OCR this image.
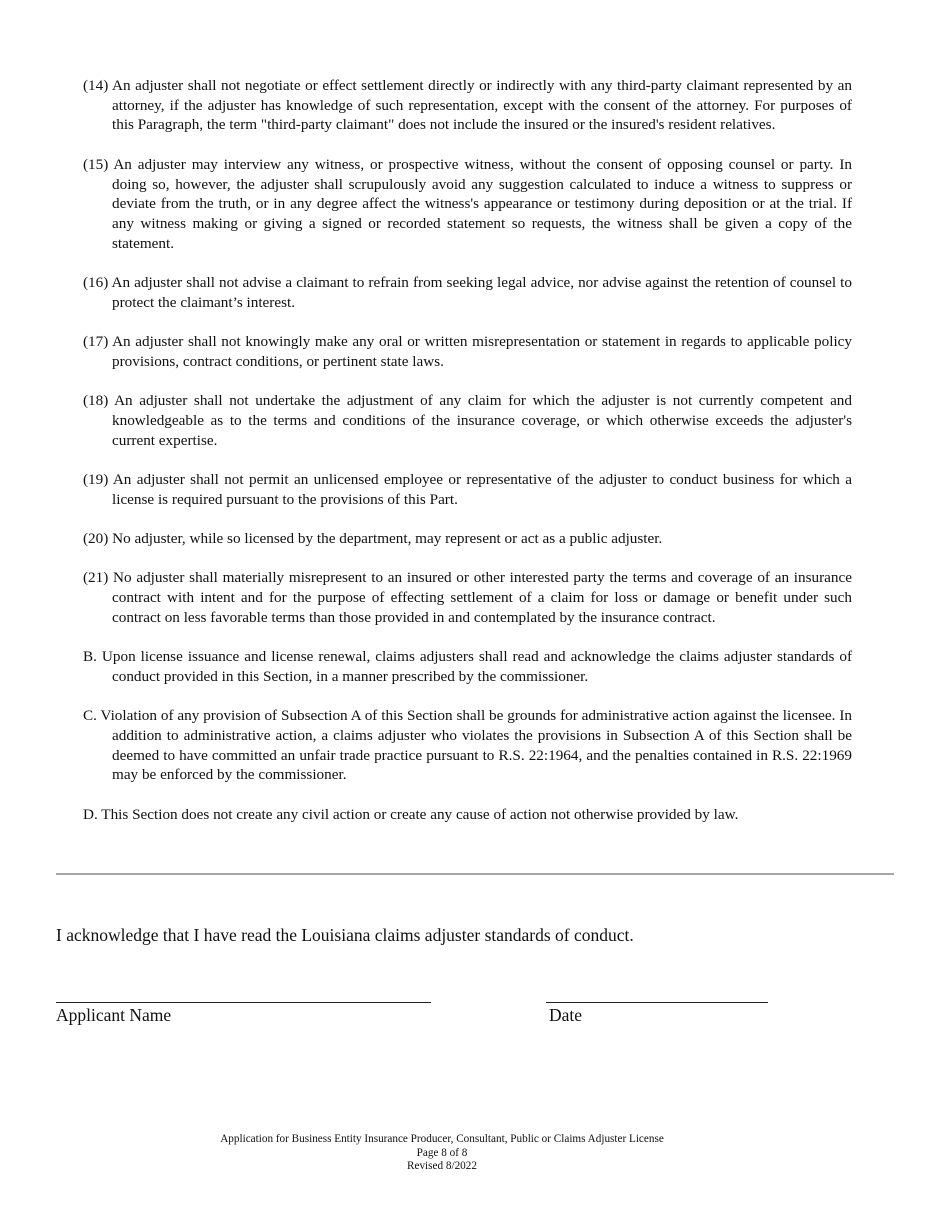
(14) An adjuster shall not negotiate or effect settlement directly or indirectly with any third-party claimant represented by an attorney, if the adjuster has knowledge of such representation, except with the consent of the attorney. For purposes of this Paragraph, the term "third-party claimant" does not include the insured or the insured's resident relatives.

(15) An adjuster may interview any witness, or prospective witness, without the consent of opposing counsel or party. In doing so, however, the adjuster shall scrupulously avoid any suggestion calculated to induce a witness to suppress or deviate from the truth, or in any degree affect the witness's appearance or testimony during deposition or at the trial. If any witness making or giving a signed or recorded statement so requests, the witness shall be given a copy of the statement.

(16) An adjuster shall not advise a claimant to refrain from seeking legal advice, nor advise against the retention of counsel to protect the claimant’s interest.

(17) An adjuster shall not knowingly make any oral or written misrepresentation or statement in regards to applicable policy provisions, contract conditions, or pertinent state laws.

(18) An adjuster shall not undertake the adjustment of any claim for which the adjuster is not currently competent and knowledgeable as to the terms and conditions of the insurance coverage, or which otherwise exceeds the adjuster's current expertise.

(19) An adjuster shall not permit an unlicensed employee or representative of the adjuster to conduct business for which a license is required pursuant to the provisions of this Part.

(20) No adjuster, while so licensed by the department, may represent or act as a public adjuster.

(21) No adjuster shall materially misrepresent to an insured or other interested party the terms and coverage of an insurance contract with intent and for the purpose of effecting settlement of a claim for loss or damage or benefit under such contract on less favorable terms than those provided in and contemplated by the insurance contract.

B. Upon license issuance and license renewal, claims adjusters shall read and acknowledge the claims adjuster standards of conduct provided in this Section, in a manner prescribed by the commissioner.

C. Violation of any provision of Subsection A of this Section shall be grounds for administrative action against the licensee. In addition to administrative action, a claims adjuster who violates the provisions in Subsection A of this Section shall be deemed to have committed an unfair trade practice pursuant to R.S. 22:1964, and the penalties contained in R.S. 22:1969 may be enforced by the commissioner.

D. This Section does not create any civil action or create any cause of action not otherwise provided by law.

I acknowledge that I have read the Louisiana claims adjuster standards of conduct.
Applicant Name	Date
Application for Business Entity Insurance Producer, Consultant, Public or Claims Adjuster License
Page 8 of 8
Revised 8/2022
